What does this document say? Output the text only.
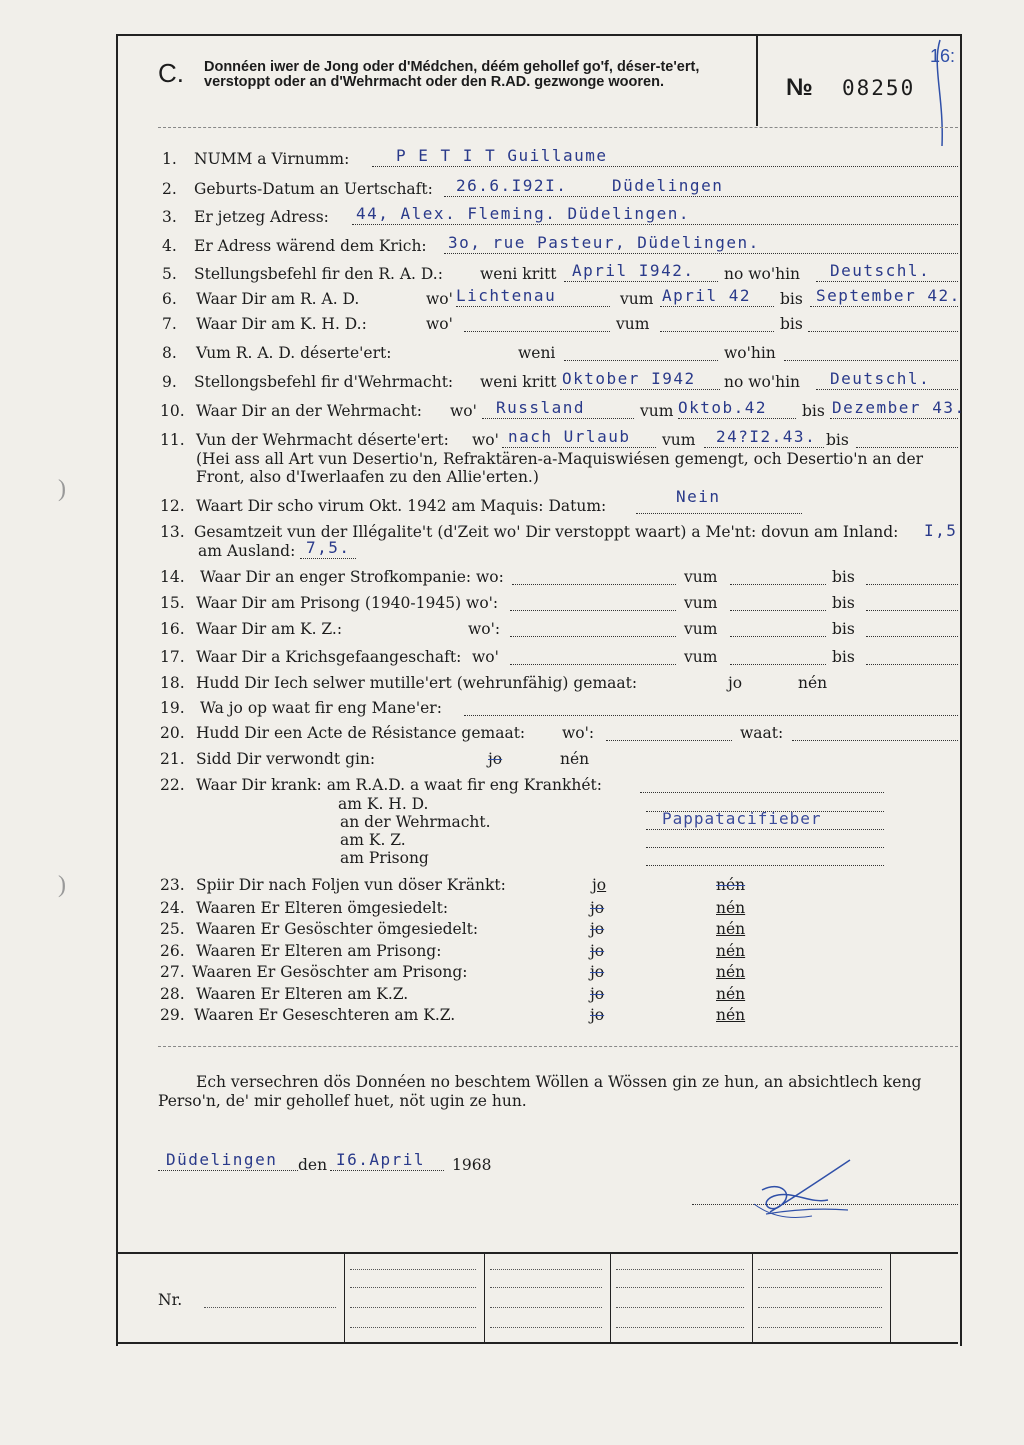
C. Donnéen iwer de Jong oder d'Médchen, déém gehollef go'f, déser-te'ert, verstoppt oder an d'Wehrmacht oder den R.AD. gezwonge wooren.	№ 08250
16:
1. NUMM a Virnumm:	P E T I T Guillaume
2. Geburts-Datum an Uertschaft: 26.6.I92I.	Düdelingen
3. Er jetzeg Adress: 44, Alex. Fleming. Düdelingen.
4. Er Adress wärend dem Krich: 3o, rue Pasteur, Düdelingen.
5. Stellungsbefehl fir den R. A. D.: weni kritt April I942. no wo'hin Deutschl.
6. Waar Dir am R. A. D.	wo' Lichtenau	vum April 42 bis September 42.
7. Waar Dir am K. H. D.:	wo'	vum	bis
8. Vum R. A. D. déserte'ert:	weni	wo'hin
9. Stellongsbefehl fir d'Wehrmacht: weni kritt Oktober I942 no wo'hin Deutschl.
10. Waar Dir an der Wehrmacht: wo' Russland	vum Oktob.42 bis Dezember 43.
11. Vun der Wehrmacht déserte'ert: wo' nach Urlaub vum 24?I2.43. bis
(Hei ass all Art vun Desertio'n, Refraktären-a-Maquiswiésen gemengt, och Desertio'n an der Front, also d'Iwerlaafen zu den Allie'erten.)
12. Waart Dir scho virum Okt. 1942 am Maquis: Datum:	Nein
13. Gesamtzeit vun der Illégalite't (d'Zeit wo' Dir verstoppt waart) a Me'nt: dovun am Inland: I,5
am Ausland: 7,5.
14. Waar Dir an enger Strofkompanie: wo:	vum	bis
15. Waar Dir am Prisong (1940-1945) wo':	vum	bis
16. Waar Dir am K. Z.:	wo':	vum	bis
17. Waar Dir a Krichsgefaangeschaft: wo'	vum	bis
18. Hudd Dir Iech selwer mutille'ert (wehrunfähig) gemaat:	jo	nén
19. Wa jo op waat fir eng Mane'er:
20. Hudd Dir een Acte de Résistance gemaat: wo':	waat:
21. Sidd Dir verwondt gin:	jo	nén
22. Waar Dir krank: am R.A.D. a waat fir eng Krankhét:
am K. H. D.
an der Wehrmacht.	Pappatacifieber
am K. Z.
am Prisong
23. Spiir Dir nach Foljen vun döser Kränkt:	jo	nén
24. Waaren Er Elteren ömgesiedelt:	jo	nén
25. Waaren Er Gesöschter ömgesiedelt:	jo	nén
26. Waaren Er Elteren am Prisong:	jo	nén
27. Waaren Er Gesöschter am Prisong:	jo	nén
28. Waaren Er Elteren am K.Z.	jo	nén
29. Waaren Er Geseschteren am K.Z.	jo	nén
Ech versechren dös Donnéen no beschtem Wöllen a Wössen gin ze hun, an absichtlech keng Perso'n, de' mir gehollef huet, nöt ugin ze hun.
Düdelingen den I6.April 1968
Nr.
)
)
